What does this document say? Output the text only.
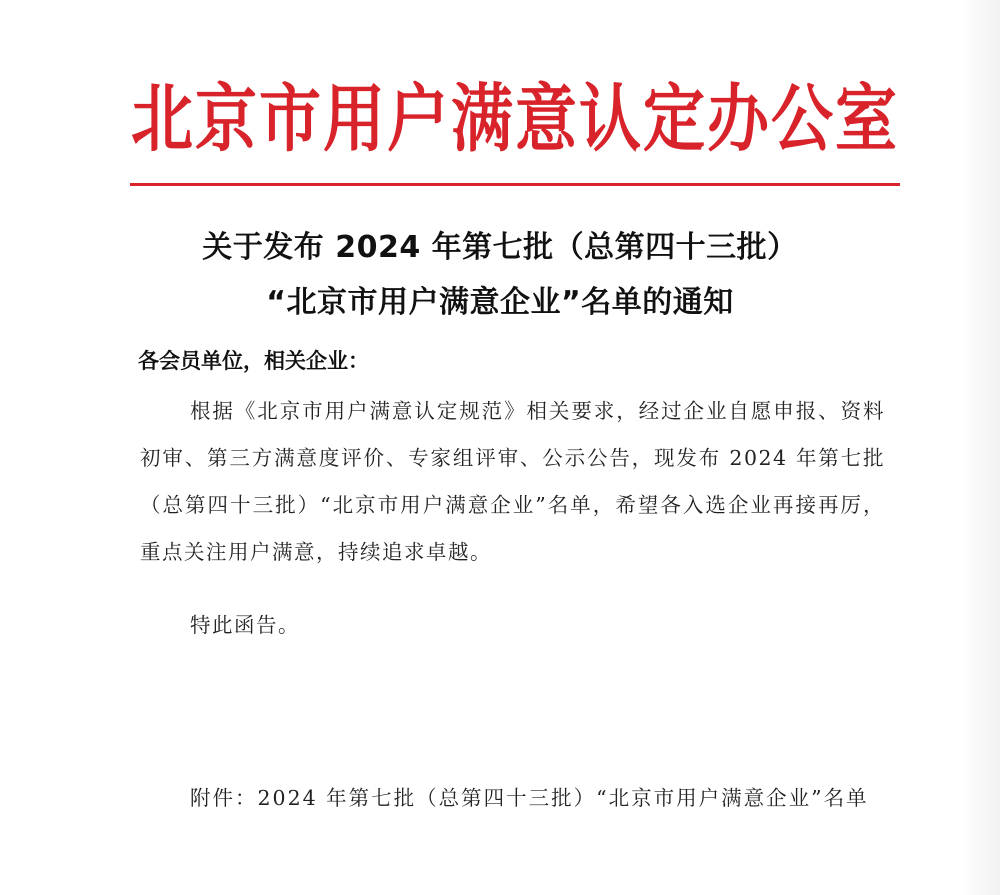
北京市用户满意认定办公室
关于发布 2024 年第七批（总第四十三批）
“北京市用户满意企业”名单的通知
各会员单位，相关企业：
根据《北京市用户满意认定规范》相关要求，经过企业自愿申报、资料初审、第三方满意度评价、专家组评审、公示公告，现发布 2024 年第七批（总第四十三批）“北京市用户满意企业”名单，希望各入选企业再接再厉，重点关注用户满意，持续追求卓越。
特此函告。
附件：2024 年第七批（总第四十三批）“北京市用户满意企业”名单
